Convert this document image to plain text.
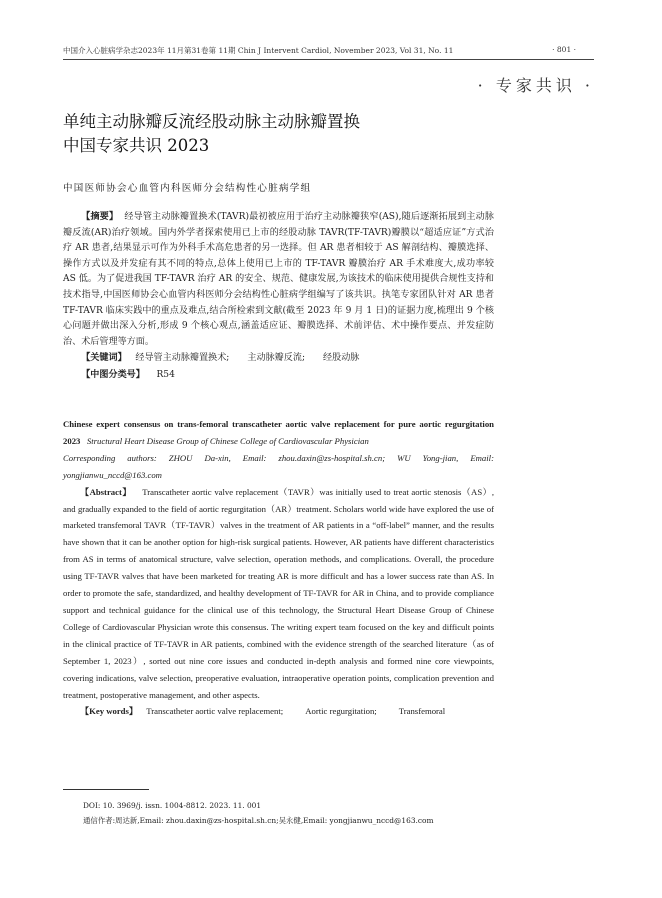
中国介入心脏病学杂志2023年 11月第31卷第 11期 Chin J Intervent Cardiol, November 2023, Vol 31, No. 11	· 801 ·
· 专家共识 ·
单纯主动脉瓣反流经股动脉主动脉瓣置换
中国专家共识 2023
中国医师协会心血管内科医师分会结构性心脏病学组

【摘要】 经导管主动脉瓣置换术(TAVR)最初被应用于治疗主动脉瓣狭窄(AS),随后逐渐拓展到主动脉瓣反流(AR)治疗领域。国内外学者探索使用已上市的经股动脉 TAVR(TF-TAVR)瓣膜以“超适应证”方式治疗 AR 患者,结果显示可作为外科手术高危患者的另一选择。但 AR 患者相较于 AS 解剖结构、瓣膜选择、操作方式以及并发症有其不同的特点,总体上使用已上市的 TF-TAVR 瓣膜治疗 AR 手术难度大,成功率较 AS 低。为了促进我国 TF-TAVR 治疗 AR 的安全、规范、健康发展,为该技术的临床使用提供合规性支持和技术指导,中国医师协会心血管内科医师分会结构性心脏病学组编写了该共识。执笔专家团队针对 AR 患者 TF-TAVR 临床实践中的重点及难点,结合所检索到文献(截至 2023 年 9 月 1 日)的证据力度,梳理出 9 个核心问题并做出深入分析,形成 9 个核心观点,涵盖适应证、瓣膜选择、术前评估、术中操作要点、并发症防治、术后管理等方面。

【关键词】 经导管主动脉瓣置换术; 主动脉瓣反流; 经股动脉

【中图分类号】 R54

Chinese expert consensus on trans-femoral transcatheter aortic valve replacement for pure aortic regurgitation 2023 Structural Heart Disease Group of Chinese College of Cardiovascular Physician

Corresponding authors: ZHOU Da-xin, Email: zhou.daxin@zs-hospital.sh.cn; WU Yong-jian, Email: yongjianwu_nccd@163.com

【Abstract】 Transcatheter aortic valve replacement（TAVR）was initially used to treat aortic stenosis（AS）, and gradually expanded to the field of aortic regurgitation（AR）treatment. Scholars world wide have explored the use of marketed transfemoral TAVR（TF-TAVR）valves in the treatment of AR patients in a “off-label” manner, and the results have shown that it can be another option for high-risk surgical patients. However, AR patients have different characteristics from AS in terms of anatomical structure, valve selection, operation methods, and complications. Overall, the procedure using TF-TAVR valves that have been marketed for treating AR is more difficult and has a lower success rate than AS. In order to promote the safe, standardized, and healthy development of TF-TAVR for AR in China, and to provide compliance support and technical guidance for the clinical use of this technology, the Structural Heart Disease Group of Chinese College of Cardiovascular Physician wrote this consensus. The writing expert team focused on the key and difficult points in the clinical practice of TF-TAVR in AR patients, combined with the evidence strength of the searched literature（as of September 1, 2023）, sorted out nine core issues and conducted in-depth analysis and formed nine core viewpoints, covering indications, valve selection, preoperative evaluation, intraoperative operation points, complication prevention and treatment, postoperative management, and other aspects.

【Key words】 Transcatheter aortic valve replacement;	Aortic regurgitation;	Transfemoral

DOI: 10. 3969/j. issn. 1004-8812. 2023. 11. 001
通信作者:周达新,Email: zhou.daxin@zs-hospital.sh.cn;吴永健,Email: yongjianwu_nccd@163.com
